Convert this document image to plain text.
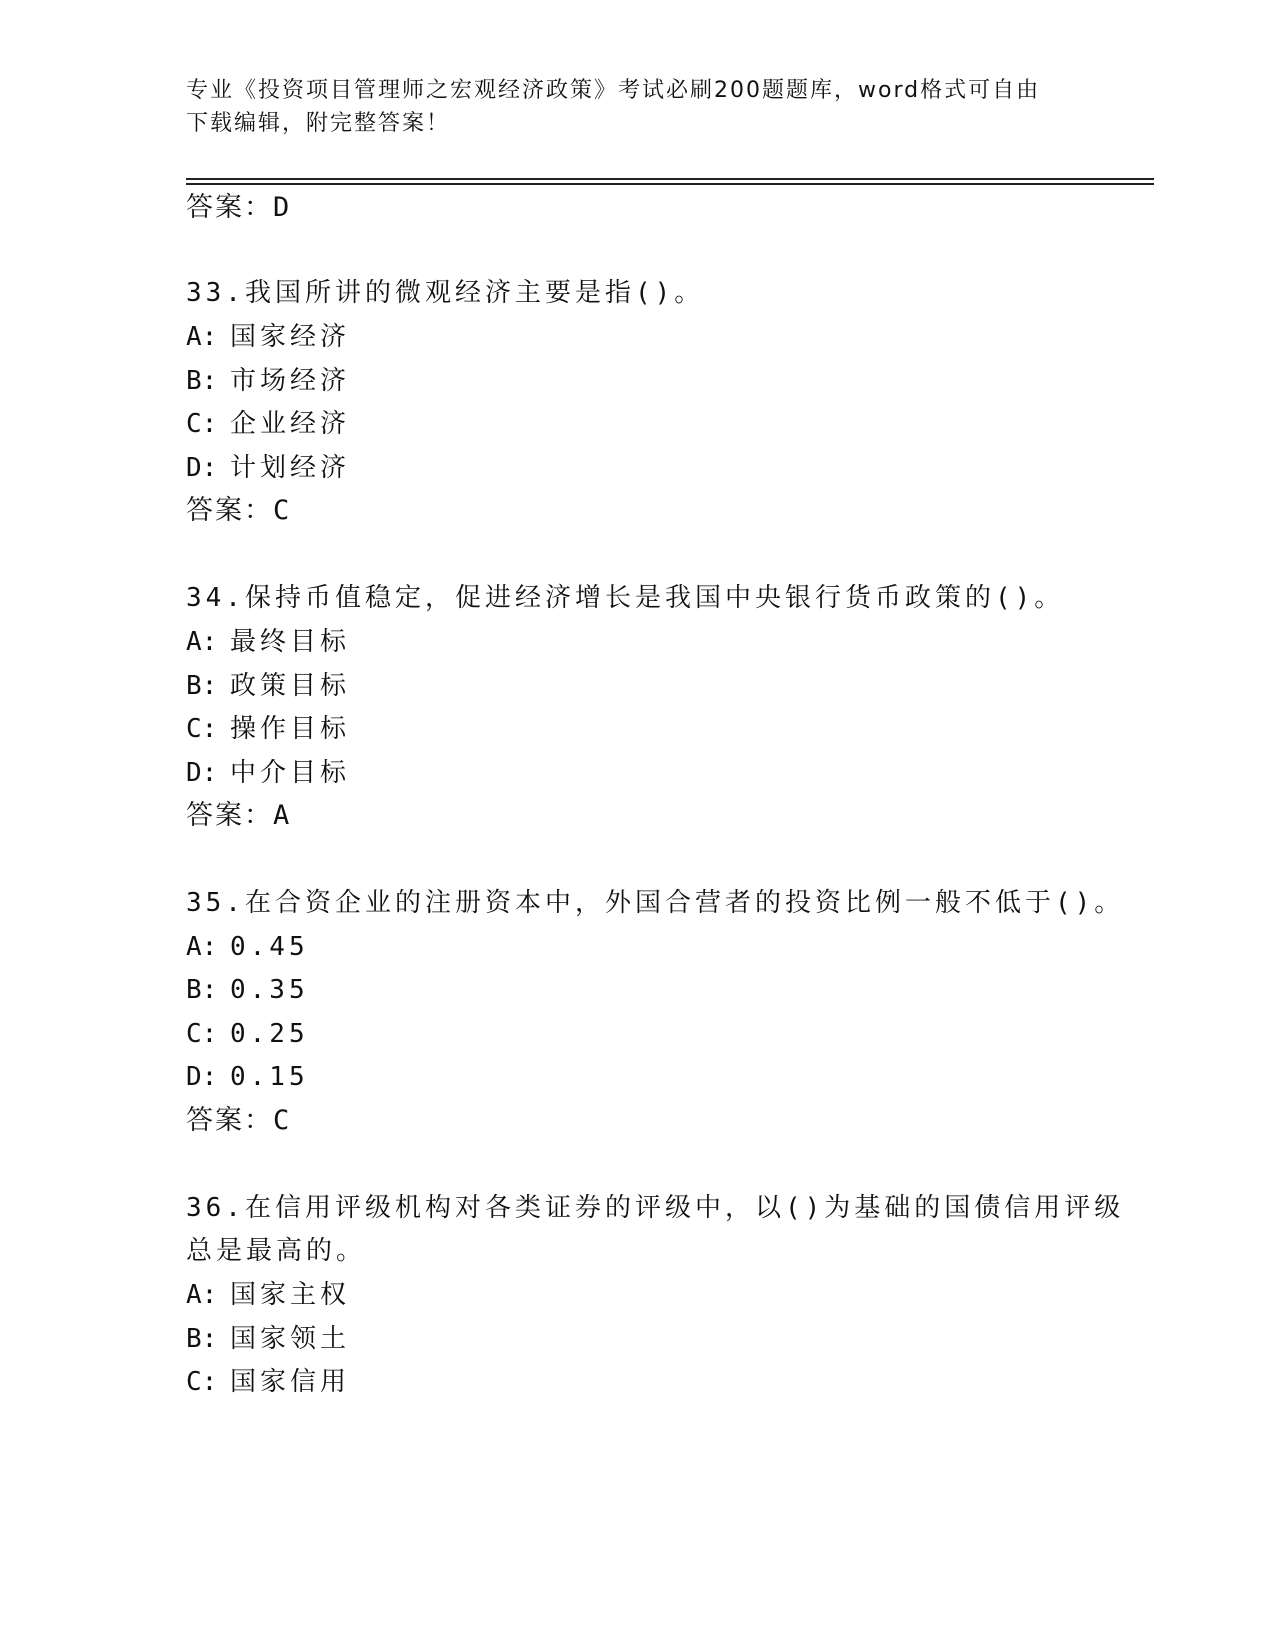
专业《投资项目管理师之宏观经济政策》考试必刷200题题库，word格式可自由
下载编辑，附完整答案！
答案：D
33.我国所讲的微观经济主要是指()。
A: 国家经济
B: 市场经济
C: 企业经济
D: 计划经济
答案：C
34.保持币值稳定，促进经济增长是我国中央银行货币政策的()。
A: 最终目标
B: 政策目标
C: 操作目标
D: 中介目标
答案：A
35.在合资企业的注册资本中，外国合营者的投资比例一般不低于()。
A: 0.45
B: 0.35
C: 0.25
D: 0.15
答案：C
36.在信用评级机构对各类证券的评级中，以()为基础的国债信用评级
总是最高的。
A: 国家主权
B: 国家领土
C: 国家信用
